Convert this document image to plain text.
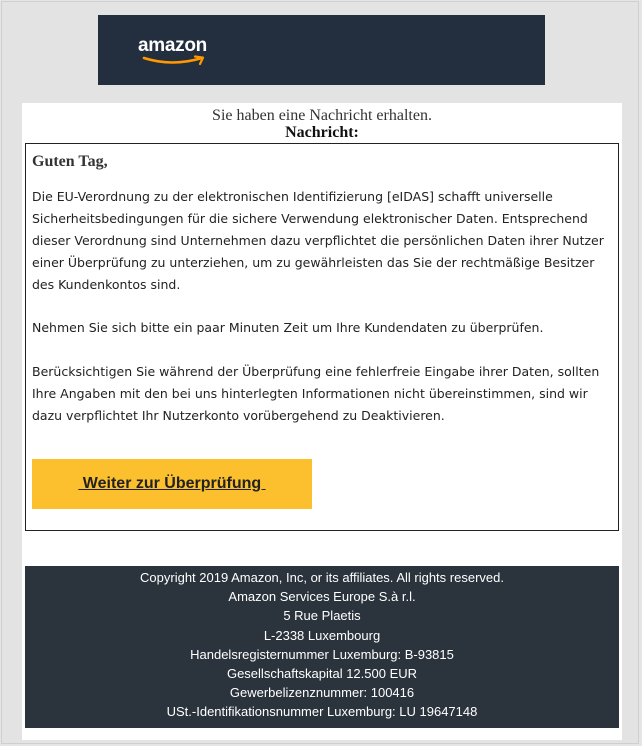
amazon
Sie haben eine Nachricht erhalten.
Nachricht:
Guten Tag,

Die EU-Verordnung zu der elektronischen Identifizierung [eIDAS] schafft universelle Sicherheitsbedingungen für die sichere Verwendung elektronischer Daten. Entsprechend dieser Verordnung sind Unternehmen dazu verpflichtet die persönlichen Daten ihrer Nutzer einer Überprüfung zu unterziehen, um zu gewährleisten das Sie der rechtmäßige Besitzer des Kundenkontos sind.

Nehmen Sie sich bitte ein paar Minuten Zeit um Ihre Kundendaten zu überprüfen.

Berücksichtigen Sie während der Überprüfung eine fehlerfreie Eingabe ihrer Daten, sollten Ihre Angaben mit den bei uns hinterlegten Informationen nicht übereinstimmen, sind wir dazu verpflichtet Ihr Nutzerkonto vorübergehend zu Deaktivieren.

Weiter zur Überprüfung
Copyright 2019 Amazon, Inc, or its affiliates. All rights reserved.
Amazon Services Europe S.à r.l.
5 Rue Plaetis
L-2338 Luxembourg
Handelsregisternummer Luxemburg: B-93815
Gesellschaftskapital 12.500 EUR
Gewerbelizenznummer: 100416
USt.-Identifikationsnummer Luxemburg: LU 19647148
